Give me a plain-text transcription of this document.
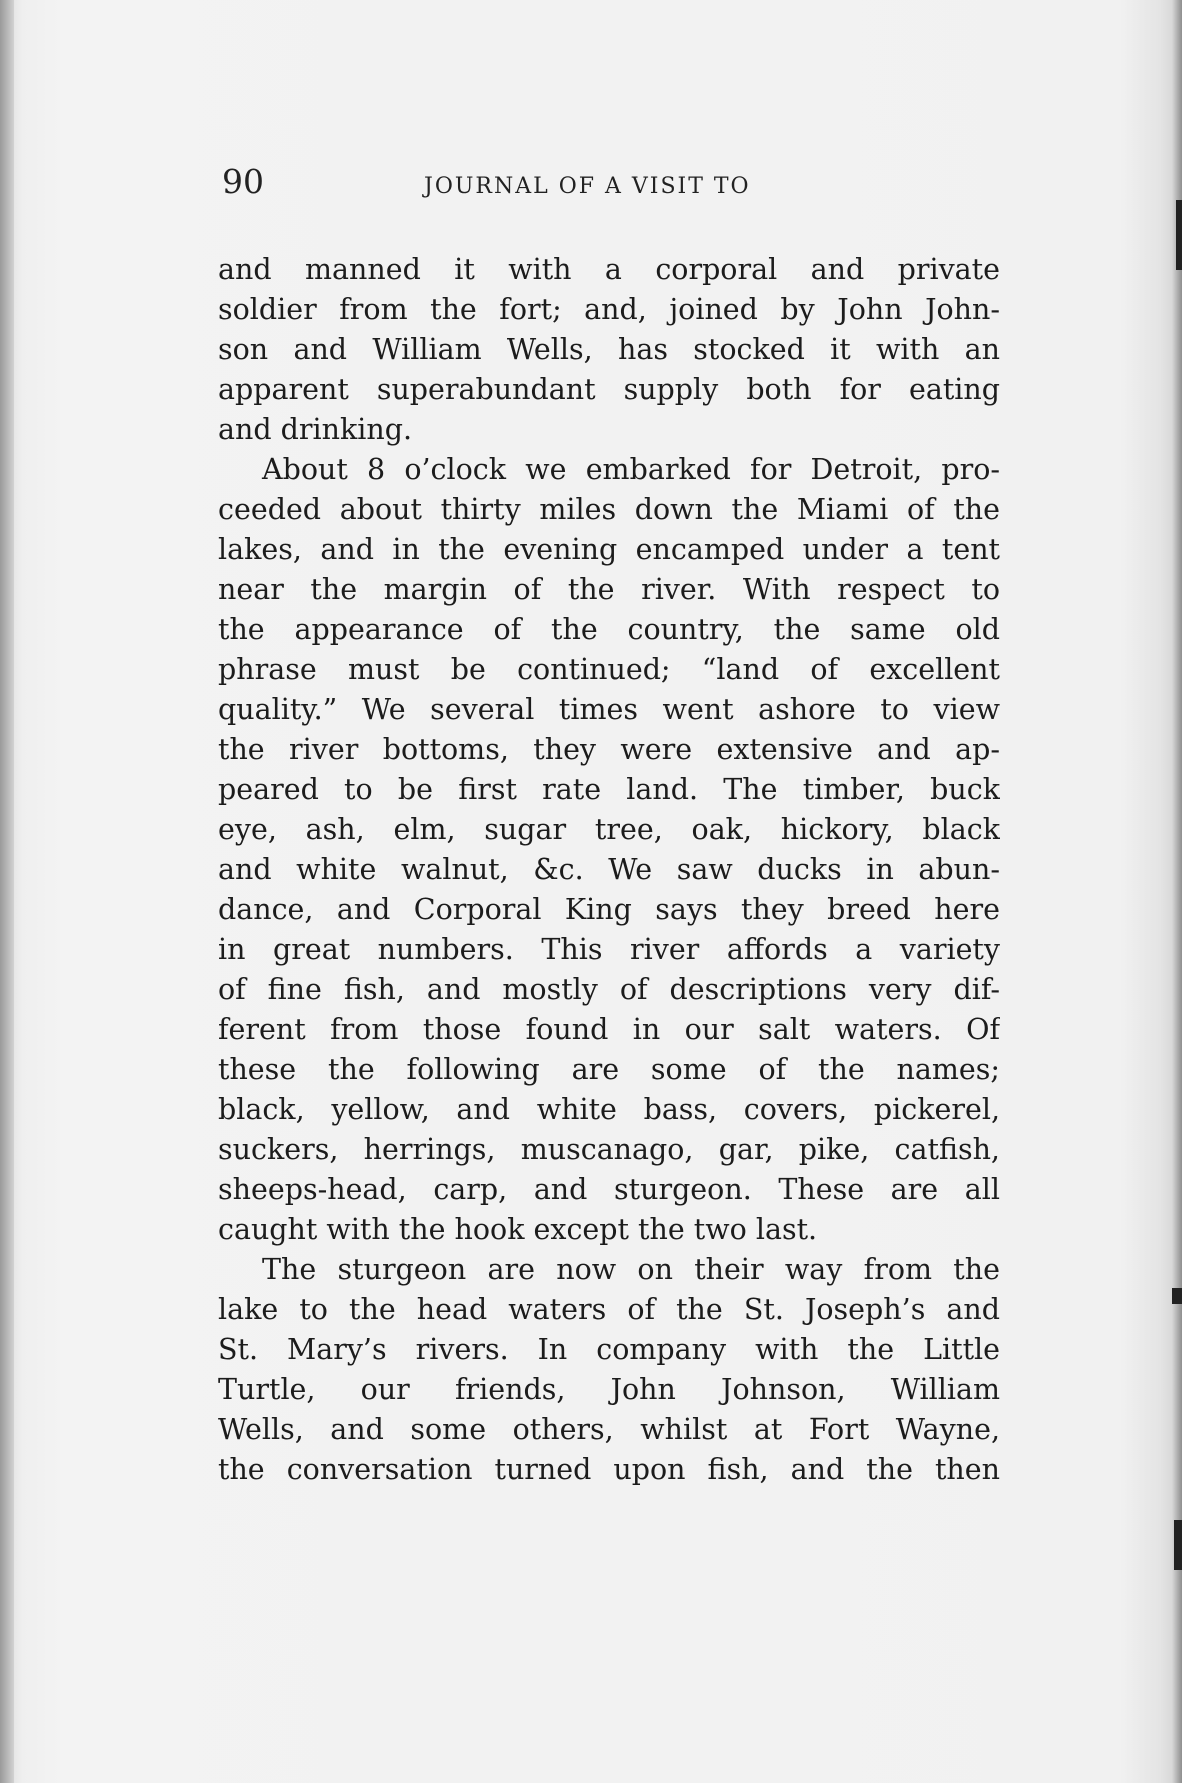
90	JOURNAL OF A VISIT TO
and manned it with a corporal and private
soldier from the fort; and, joined by John John-
son and William Wells, has stocked it with an
apparent superabundant supply both for eating
and drinking.
About 8 o’clock we embarked for Detroit, pro-
ceeded about thirty miles down the Miami of the
lakes, and in the evening encamped under a tent
near the margin of the river. With respect to
the appearance of the country, the same old
phrase must be continued; “land of excellent
quality.” We several times went ashore to view
the river bottoms, they were extensive and ap-
peared to be first rate land. The timber, buck
eye, ash, elm, sugar tree, oak, hickory, black
and white walnut, &c. We saw ducks in abun-
dance, and Corporal King says they breed here
in great numbers. This river affords a variety
of fine fish, and mostly of descriptions very dif-
ferent from those found in our salt waters. Of
these the following are some of the names;
black, yellow, and white bass, covers, pickerel,
suckers, herrings, muscanago, gar, pike, catfish,
sheeps-head, carp, and sturgeon. These are all
caught with the hook except the two last.
The sturgeon are now on their way from the
lake to the head waters of the St. Joseph’s and
St. Mary’s rivers. In company with the Little
Turtle, our friends, John Johnson, William
Wells, and some others, whilst at Fort Wayne,
the conversation turned upon fish, and the then
